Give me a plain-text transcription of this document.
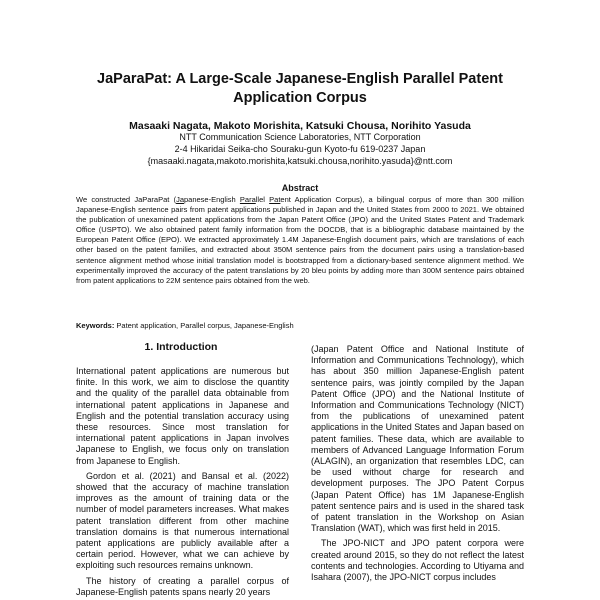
JaParaPat: A Large-Scale Japanese-English Parallel Patent Application Corpus
Masaaki Nagata, Makoto Morishita, Katsuki Chousa, Norihito Yasuda
NTT Communication Science Laboratories, NTT Corporation
2-4 Hikaridai Seika-cho Souraku-gun Kyoto-fu 619-0237 Japan
{masaaki.nagata,makoto.morishita,katsuki.chousa,norihito.yasuda}@ntt.com
Abstract
We constructed JaParaPat (Japanese-English Parallel Patent Application Corpus), a bilingual corpus of more than 300 million Japanese-English sentence pairs from patent applications published in Japan and the United States from 2000 to 2021. We obtained the publication of unexamined patent applications from the Japan Patent Office (JPO) and the United States Patent and Trademark Office (USPTO). We also obtained patent family information from the DOCDB, that is a bibliographic database maintained by the European Patent Office (EPO). We extracted approximately 1.4M Japanese-English document pairs, which are translations of each other based on the patent families, and extracted about 350M sentence pairs from the document pairs using a translation-based sentence alignment method whose initial translation model is bootstrapped from a dictionary-based sentence alignment method. We experimentally improved the accuracy of the patent translations by 20 bleu points by adding more than 300M sentence pairs obtained from patent applications to 22M sentence pairs obtained from the web.
Keywords: Patent application, Parallel corpus, Japanese-English
1. Introduction

International patent applications are numerous but finite. In this work, we aim to disclose the quantity and the quality of the parallel data obtainable from international patent applications in Japanese and English and the potential translation accuracy using these resources. Since most translation for international patent applications in Japan involves Japanese to English, we focus only on translation from Japanese to English.

Gordon et al. (2021) and Bansal et al. (2022) showed that the accuracy of machine translation improves as the amount of training data or the number of model parameters increases. What makes patent translation different from other machine translation domains is that numerous international patent applications are publicly available after a certain period. However, what we can achieve by exploiting such resources remains unknown.

The history of creating a parallel corpus of Japanese-English patents spans nearly 20 years

(Japan Patent Office and National Institute of Information and Communications Technology), which has about 350 million Japanese-English patent sentence pairs, was jointly compiled by the Japan Patent Office (JPO) and the National Institute of Information and Communications Technology (NICT) from the publications of unexamined patent applications in the United States and Japan based on patent families. These data, which are available to members of Advanced Language Information Forum (ALAGIN), an organization that resembles LDC, can be used without charge for research and development purposes. The JPO Patent Corpus (Japan Patent Office) has 1M Japanese-English patent sentence pairs and is used in the shared task of patent translation in the Workshop on Asian Translation (WAT), which was first held in 2015.

The JPO-NICT and JPO patent corpora were created around 2015, so they do not reflect the latest contents and technologies. According to Utiyama and Isahara (2007), the JPO-NICT corpus includes
